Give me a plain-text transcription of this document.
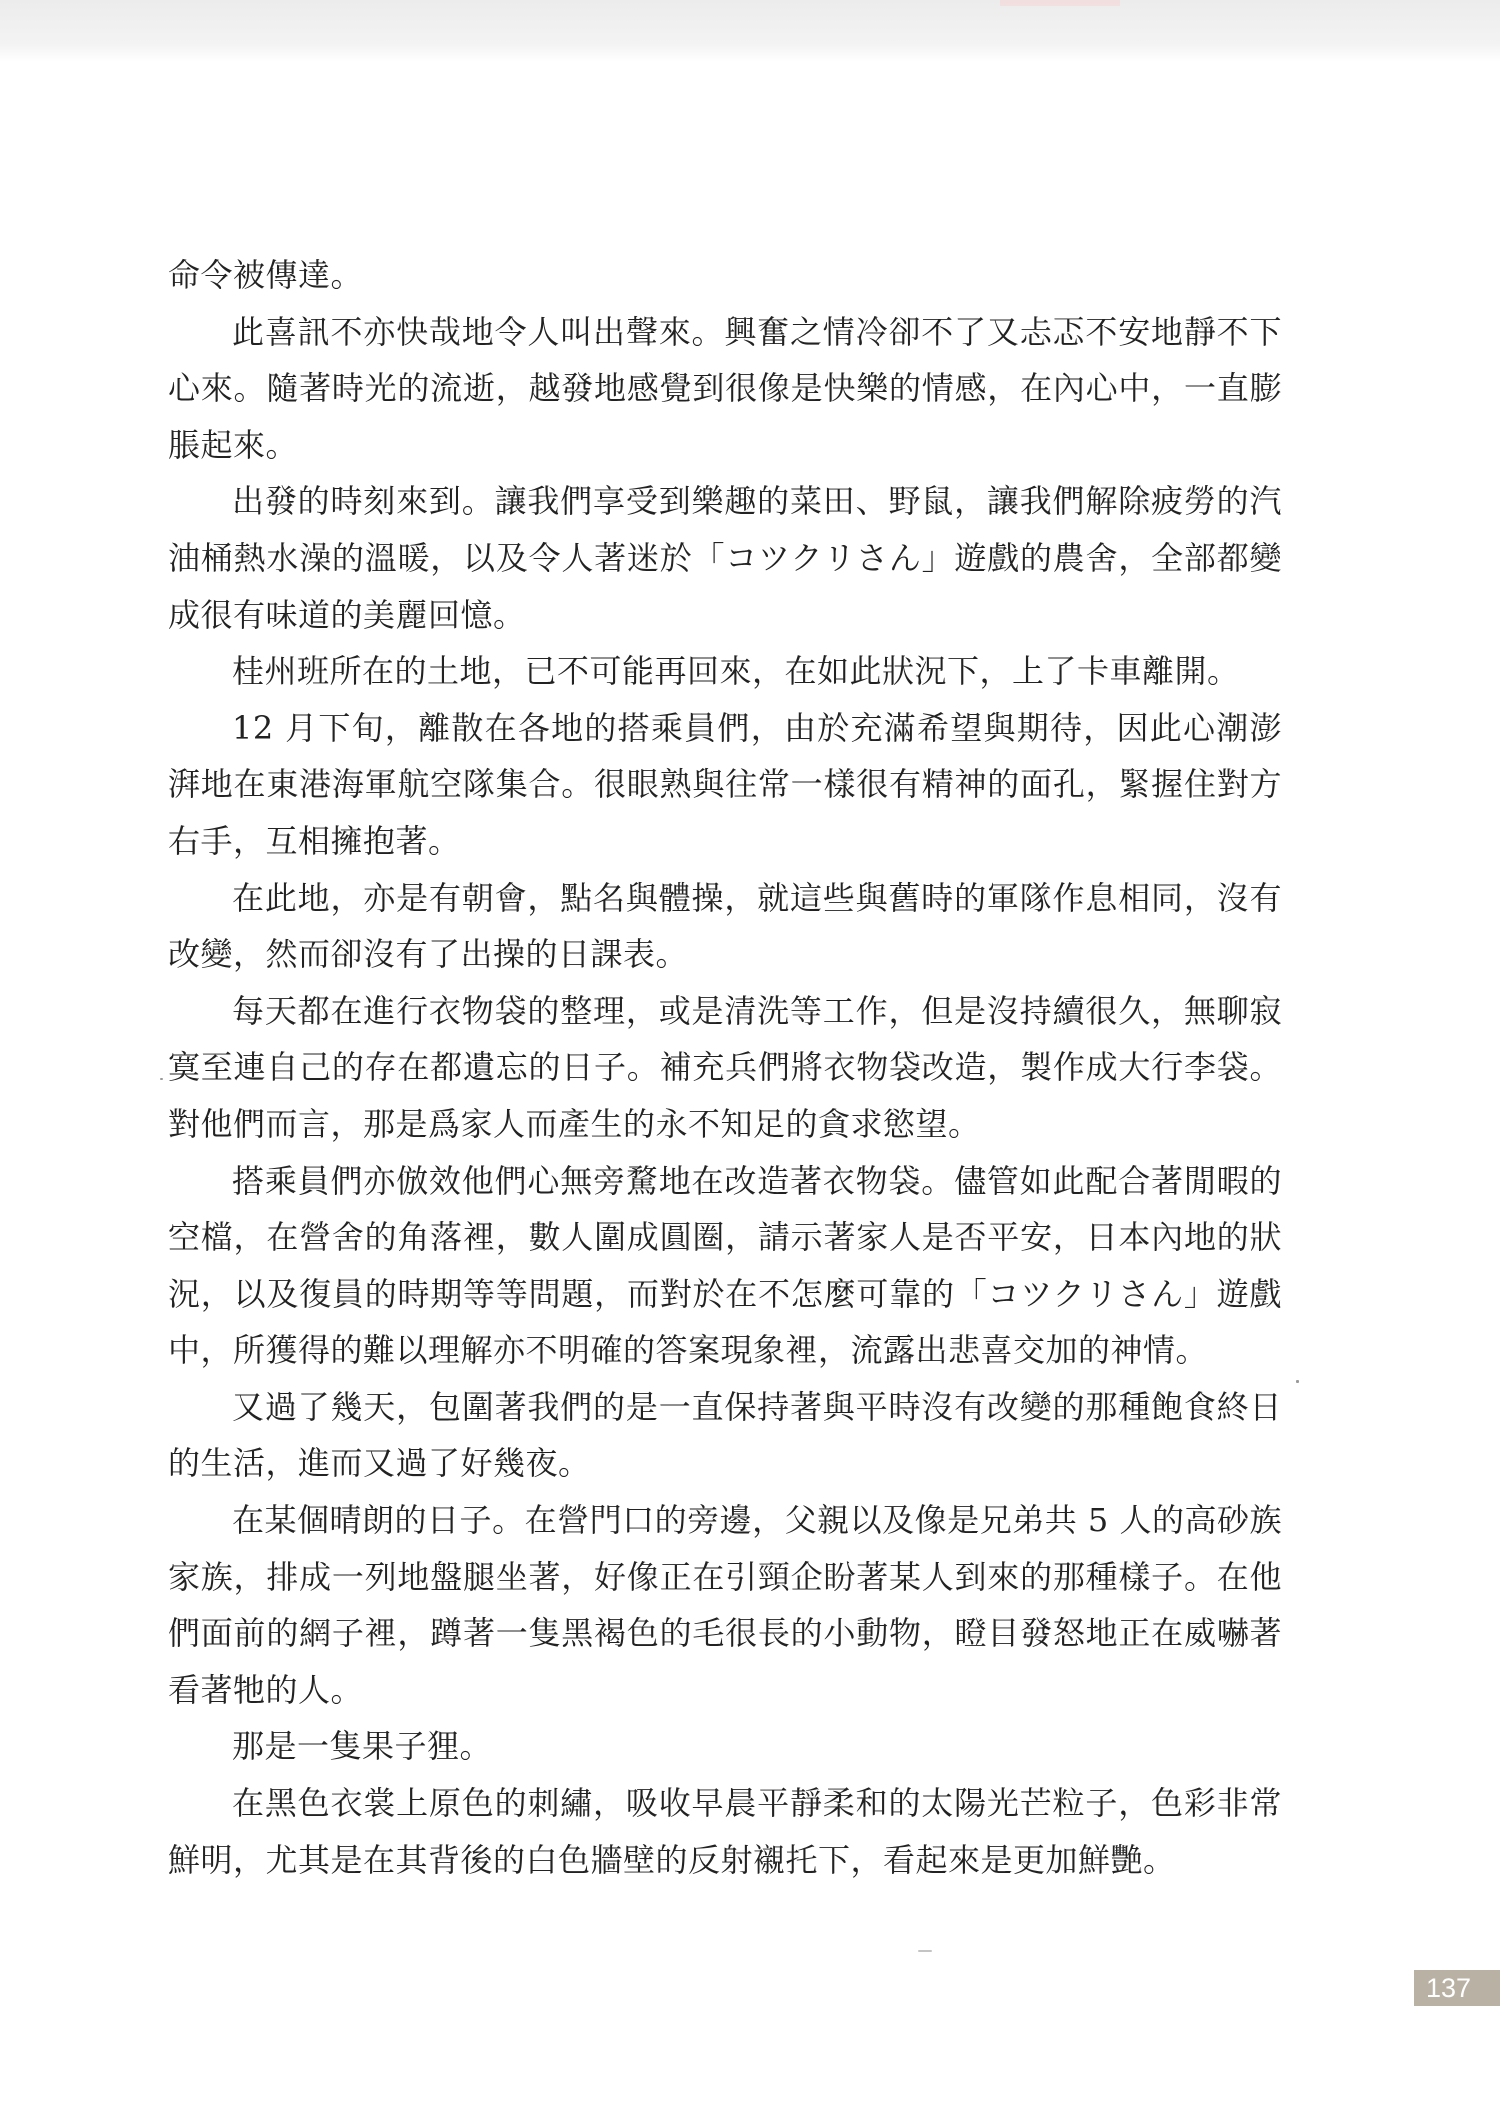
命令被傳達。

此喜訊不亦快哉地令人叫出聲來。興奮之情冷卻不了又忐忑不安地靜不下心來。隨著時光的流逝，越發地感覺到很像是快樂的情感，在內心中，一直膨脹起來。

出發的時刻來到。讓我們享受到樂趣的菜田、野鼠，讓我們解除疲勞的汽油桶熱水澡的溫暖，以及令人著迷於「コツクリさん」遊戲的農舍，全部都變成很有味道的美麗回憶。

桂州班所在的土地，已不可能再回來，在如此狀況下，上了卡車離開。

12 月下旬，離散在各地的搭乘員們，由於充滿希望與期待，因此心潮澎湃地在東港海軍航空隊集合。很眼熟與往常一樣很有精神的面孔，緊握住對方右手，互相擁抱著。

在此地，亦是有朝會，點名與體操，就這些與舊時的軍隊作息相同，沒有改變，然而卻沒有了出操的日課表。

每天都在進行衣物袋的整理，或是清洗等工作，但是沒持續很久，無聊寂寞至連自己的存在都遺忘的日子。補充兵們將衣物袋改造，製作成大行李袋。對他們而言，那是爲家人而產生的永不知足的貪求慾望。

搭乘員們亦倣效他們心無旁騖地在改造著衣物袋。儘管如此配合著閒暇的空檔，在營舍的角落裡，數人圍成圓圈，請示著家人是否平安，日本內地的狀況，以及復員的時期等等問題，而對於在不怎麼可靠的「コツクリさん」遊戲中，所獲得的難以理解亦不明確的答案現象裡，流露出悲喜交加的神情。

又過了幾天，包圍著我們的是一直保持著與平時沒有改變的那種飽食終日的生活，進而又過了好幾夜。

在某個晴朗的日子。在營門口的旁邊，父親以及像是兄弟共 5 人的高砂族家族，排成一列地盤腿坐著，好像正在引頸企盼著某人到來的那種樣子。在他們面前的網子裡，蹲著一隻黑褐色的毛很長的小動物，瞪目發怒地正在威嚇著看著牠的人。

那是一隻果子狸。

在黑色衣裳上原色的刺繡，吸收早晨平靜柔和的太陽光芒粒子，色彩非常鮮明，尤其是在其背後的白色牆壁的反射襯托下，看起來是更加鮮艷。

137
